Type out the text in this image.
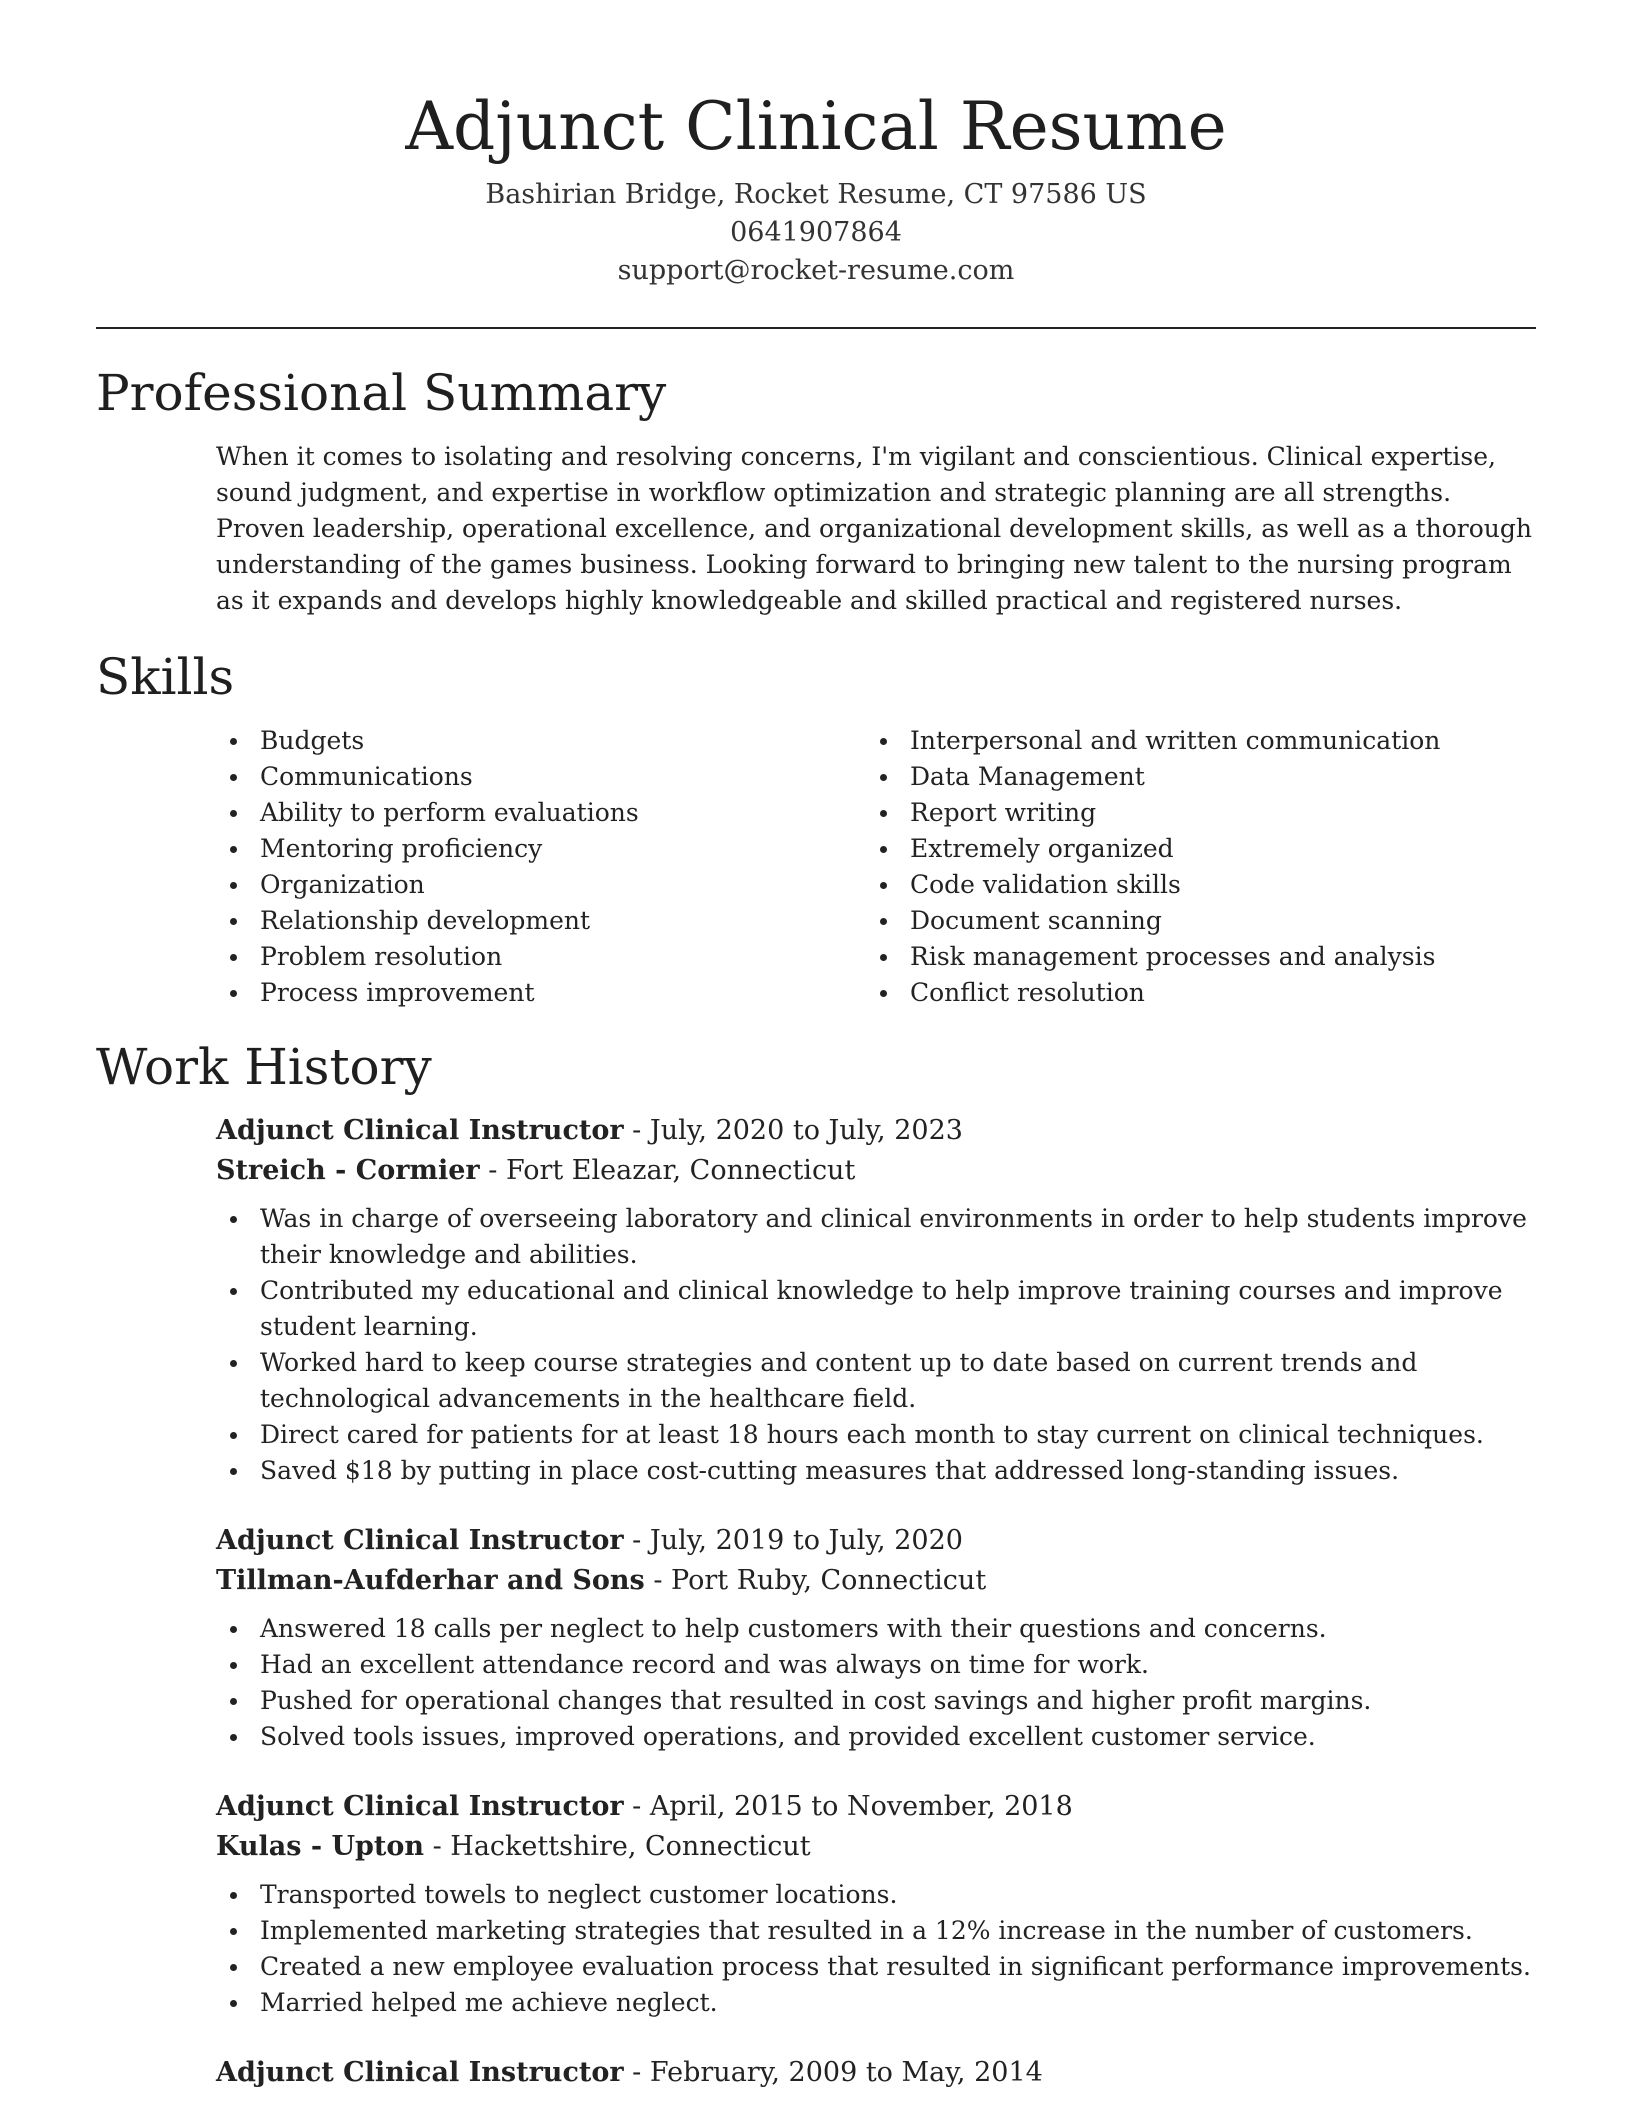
Adjunct Clinical Resume
Bashirian Bridge, Rocket Resume, CT 97586 US
0641907864
support@rocket-resume.com
Professional Summary

When it comes to isolating and resolving concerns, I'm vigilant and conscientious. Clinical expertise, sound judgment, and expertise in workflow optimization and strategic planning are all strengths. Proven leadership, operational excellence, and organizational development skills, as well as a thorough understanding of the games business. Looking forward to bringing new talent to the nursing program as it expands and develops highly knowledgeable and skilled practical and registered nurses.

Skills
Budgets
Communications
Ability to perform evaluations
Mentoring proficiency
Organization
Relationship development
Problem resolution
Process improvement
Interpersonal and written communication
Data Management
Report writing
Extremely organized
Code validation skills
Document scanning
Risk management processes and analysis
Conflict resolution
Work History
Adjunct Clinical Instructor - July, 2020 to July, 2023
Streich - Cormier - Fort Eleazar, Connecticut
Was in charge of overseeing laboratory and clinical environments in order to help students improve their knowledge and abilities.
Contributed my educational and clinical knowledge to help improve training courses and improve student learning.
Worked hard to keep course strategies and content up to date based on current trends and technological advancements in the healthcare field.
Direct cared for patients for at least 18 hours each month to stay current on clinical techniques.
Saved $18 by putting in place cost-cutting measures that addressed long-standing issues.
Adjunct Clinical Instructor - July, 2019 to July, 2020
Tillman-Aufderhar and Sons - Port Ruby, Connecticut
Answered 18 calls per neglect to help customers with their questions and concerns.
Had an excellent attendance record and was always on time for work.
Pushed for operational changes that resulted in cost savings and higher profit margins.
Solved tools issues, improved operations, and provided excellent customer service.
Adjunct Clinical Instructor - April, 2015 to November, 2018
Kulas - Upton - Hackettshire, Connecticut
Transported towels to neglect customer locations.
Implemented marketing strategies that resulted in a 12% increase in the number of customers.
Created a new employee evaluation process that resulted in significant performance improvements.
Married helped me achieve neglect.
Adjunct Clinical Instructor - February, 2009 to May, 2014
